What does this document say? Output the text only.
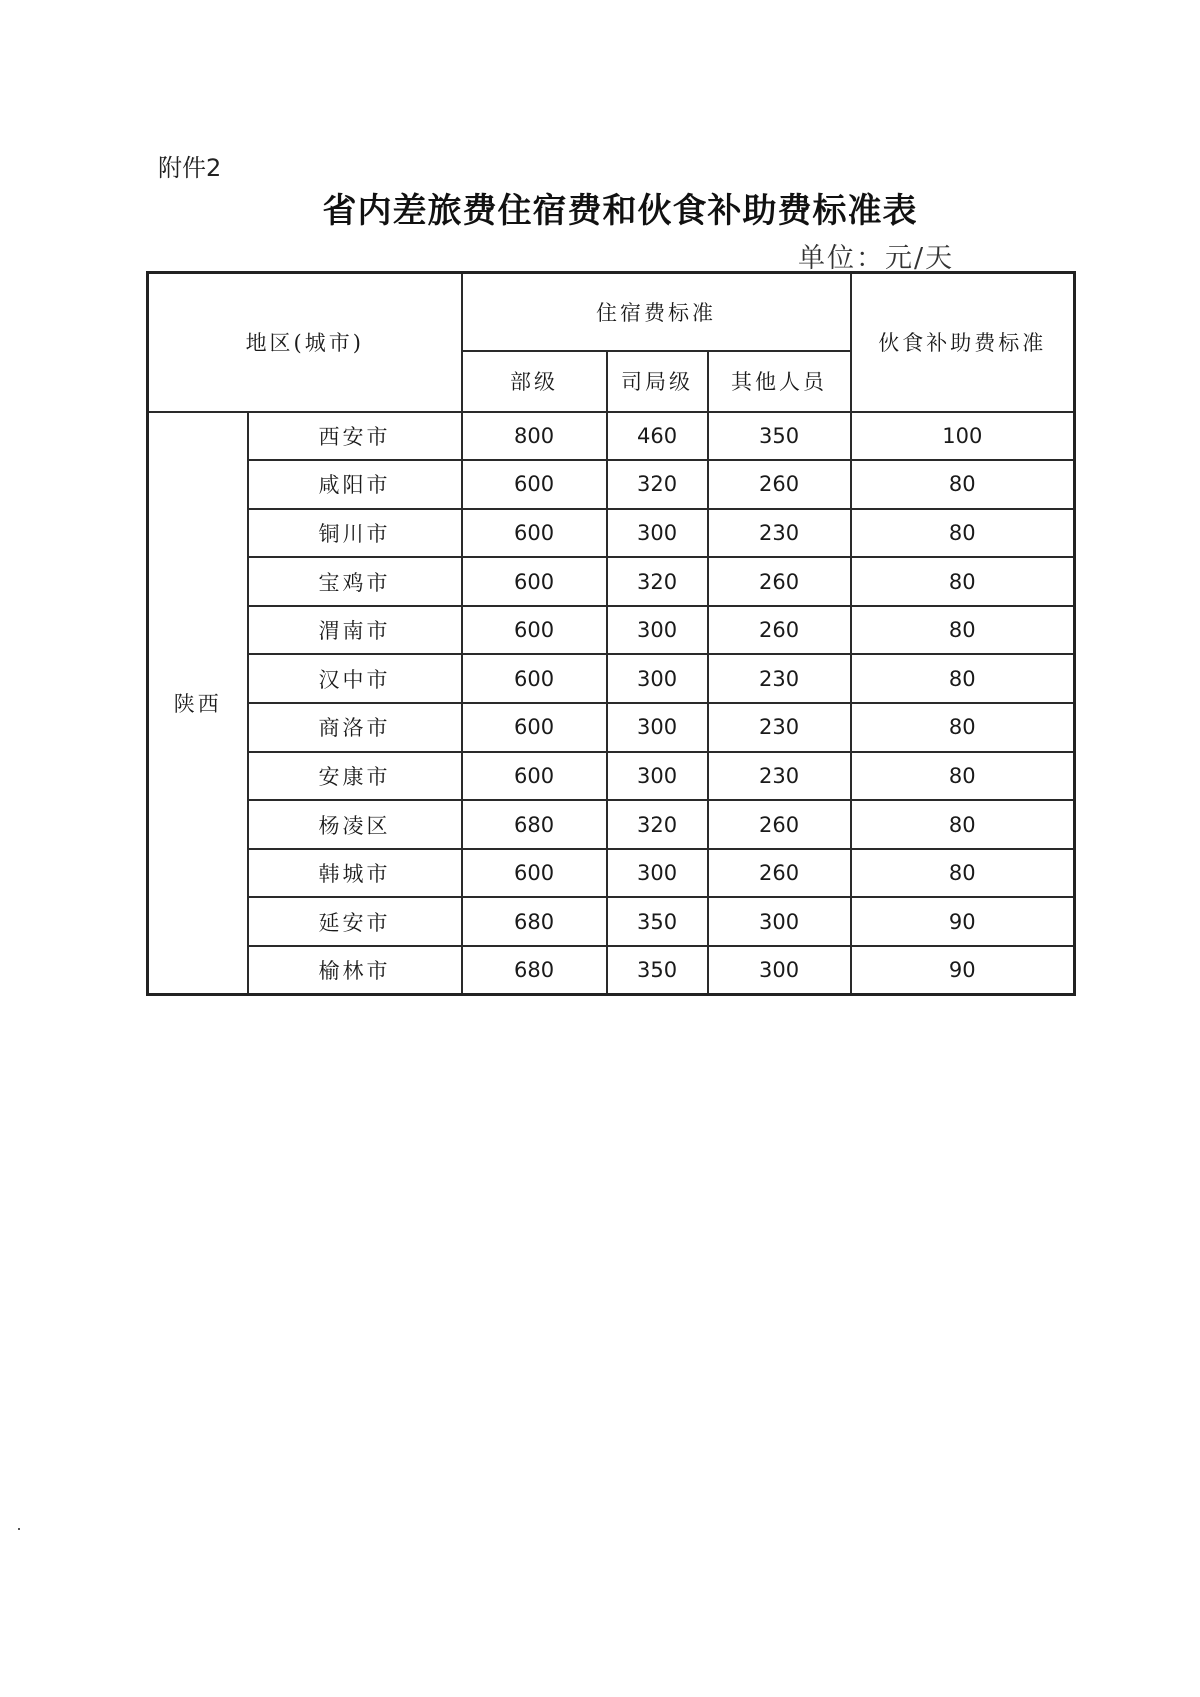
附件2
省内差旅费住宿费和伙食补助费标准表
单位：元/天
地区(城市)		住宿费标准			伙食补助费标准
		部级	司局级	其他人员	
陕西	西安市	800	460	350	100
	咸阳市	600	320	260	80
	铜川市	600	300	230	80
	宝鸡市	600	320	260	80
	渭南市	600	300	260	80
	汉中市	600	300	230	80
	商洛市	600	300	230	80
	安康市	600	300	230	80
	杨凌区	680	320	260	80
	韩城市	600	300	260	80
	延安市	680	350	300	90
	榆林市	680	350	300	90
